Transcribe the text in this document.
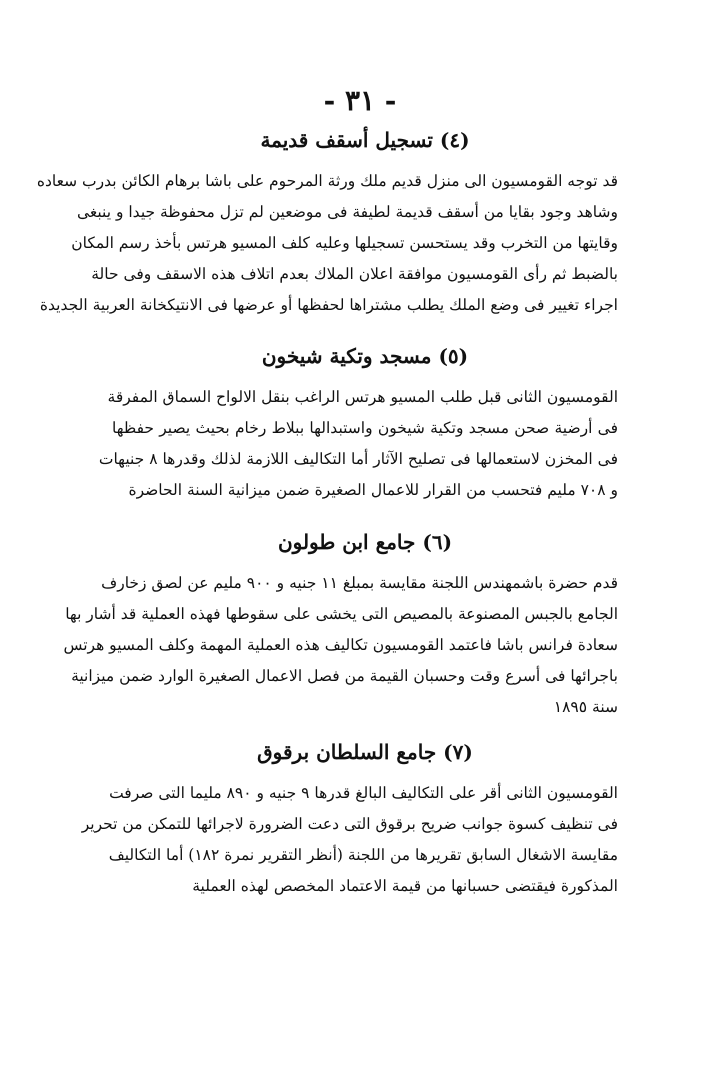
- ٣١ -
(٤) تسجيل أسقف قديمة
قد توجه القومسيون الى منزل قديم ملك ورثة المرحوم على باشا برهام الكائن بدرب سعاده
وشاهد وجود بقايا من أسقف قديمة لطيفة فى موضعين لم تزل محفوظة جيدا و ينبغى
وقايتها من التخرب وقد يستحسن تسجيلها وعليه كلف المسيو هرتس بأخذ رسم المكان
بالضبط ثم رأى القومسيون موافقة اعلان الملاك بعدم اتلاف هذه الاسقف وفى حالة
اجراء تغيير فى وضع الملك يطلب مشتراها لحفظها أو عرضها فى الانتيكخانة العربية الجديدة
(٥) مسجد وتكية شيخون
القومسيون الثانى قبل طلب المسيو هرتس الراغب بنقل الالواح السماق المفرقة
فى أرضية صحن مسجد وتكية شيخون واستبدالها ببلاط رخام بحيث يصير حفظها
فى المخزن لاستعمالها فى تصليح الآثار أما التكاليف اللازمة لذلك وقدرها ٨ جنيهات
و ٧٠٨ مليم فتحسب من القرار للاعمال الصغيرة ضمن ميزانية السنة الحاضرة
(٦) جامع ابن طولون
قدم حضرة باشمهندس اللجنة مقايسة بمبلغ ١١ جنيه و ٩٠٠ مليم عن لصق زخارف
الجامع بالجبس المصنوعة بالمصيص التى يخشى على سقوطها فهذه العملية قد أشار بها
سعادة فرانس باشا فاعتمد القومسيون تكاليف هذه العملية المهمة وكلف المسيو هرتس
باجرائها فى أسرع وقت وحسبان القيمة من فصل الاعمال الصغيرة الوارد ضمن ميزانية
سنة ١٨٩٥
(٧) جامع السلطان برقوق
القومسيون الثانى أقر على التكاليف البالغ قدرها ٩ جنيه و ٨٩٠ مليما التى صرفت
فى تنظيف كسوة جوانب ضريح برقوق التى دعت الضرورة لاجرائها للتمكن من تحرير
مقايسة الاشغال السابق تقريرها من اللجنة (أنظر التقرير نمرة ١٨٢) أما التكاليف
المذكورة فيقتضى حسبانها من قيمة الاعتماد المخصص لهذه العملية
